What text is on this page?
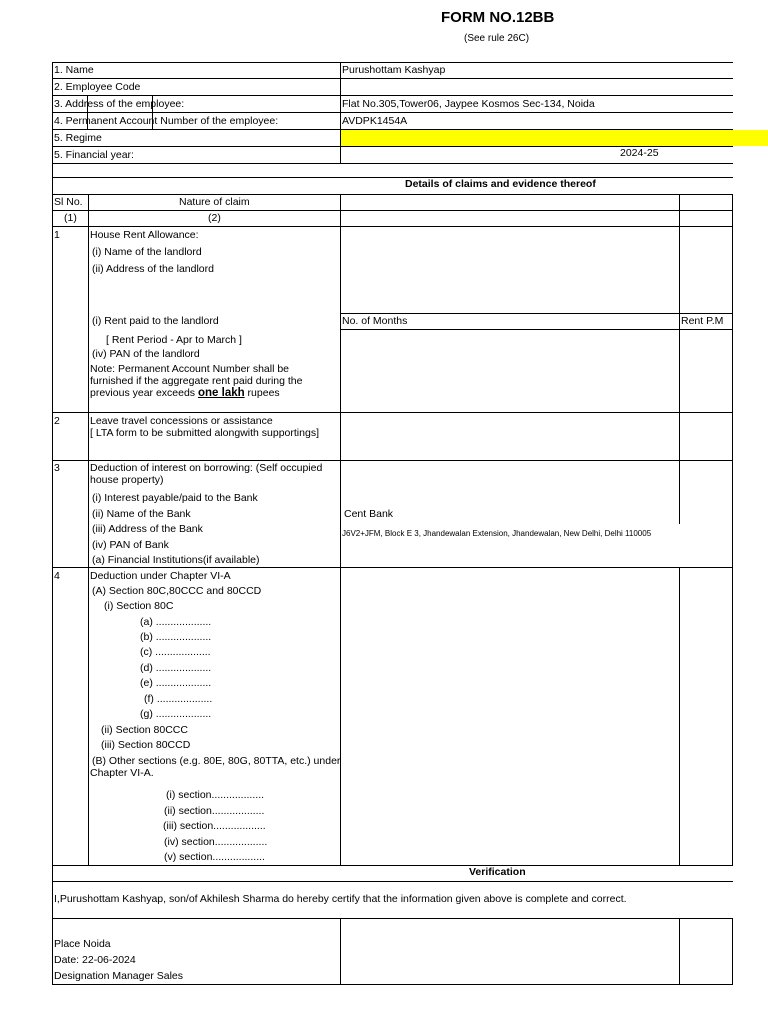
FORM NO.12BB
(See rule 26C)
1. Name	Purushottam Kashyap
2. Employee Code
3. Address of the employee:	Flat No.305,Tower06, Jaypee Kosmos Sec-134, Noida
4. Permanent Account Number of the employee:	AVDPK1454A
5. Regime
5. Financial year:	2024-25
Details of claims and evidence thereof
Sl No.	Nature of claim
(1)	(2)
1	House Rent Allowance:
(i) Name of the landlord
(ii) Address of the landlord
(i) Rent paid to the landlord	No. of Months	Rent P.M
[ Rent Period - Apr to March ]
(iv) PAN of the landlord
Note: Permanent Account Number shall be
furnished if the aggregate rent paid during the
previous year exceeds one lakh rupees
2	Leave travel concessions or assistance
[ LTA form to be submitted alongwith supportings]
3	Deduction of interest on borrowing: (Self occupied
house property)
(i) Interest payable/paid to the Bank
(ii) Name of the Bank	Cent Bank
(iii) Address of the Bank	J6V2+JFM, Block E 3, Jhandewalan Extension, Jhandewalan, New Delhi, Delhi 110005
(iv) PAN of Bank
(a) Financial Institutions(if available)
4	Deduction under Chapter VI-A
(A) Section 80C,80CCC and 80CCD
(i) Section 80C
(a) ...................
(b) ...................
(c) ...................
(d) ...................
(e) ...................
(f) ...................
(g) ...................
(ii) Section 80CCC
(iii) Section 80CCD
(B) Other sections (e.g. 80E, 80G, 80TTA, etc.) under
Chapter VI-A.
(i) section..................
(ii) section..................
(iii) section..................
(iv) section..................
(v) section..................
Verification
I,Purushottam Kashyap, son/of Akhilesh Sharma do hereby certify that the information given above is complete and correct.
Place Noida
Date: 22-06-2024
Designation Manager Sales
